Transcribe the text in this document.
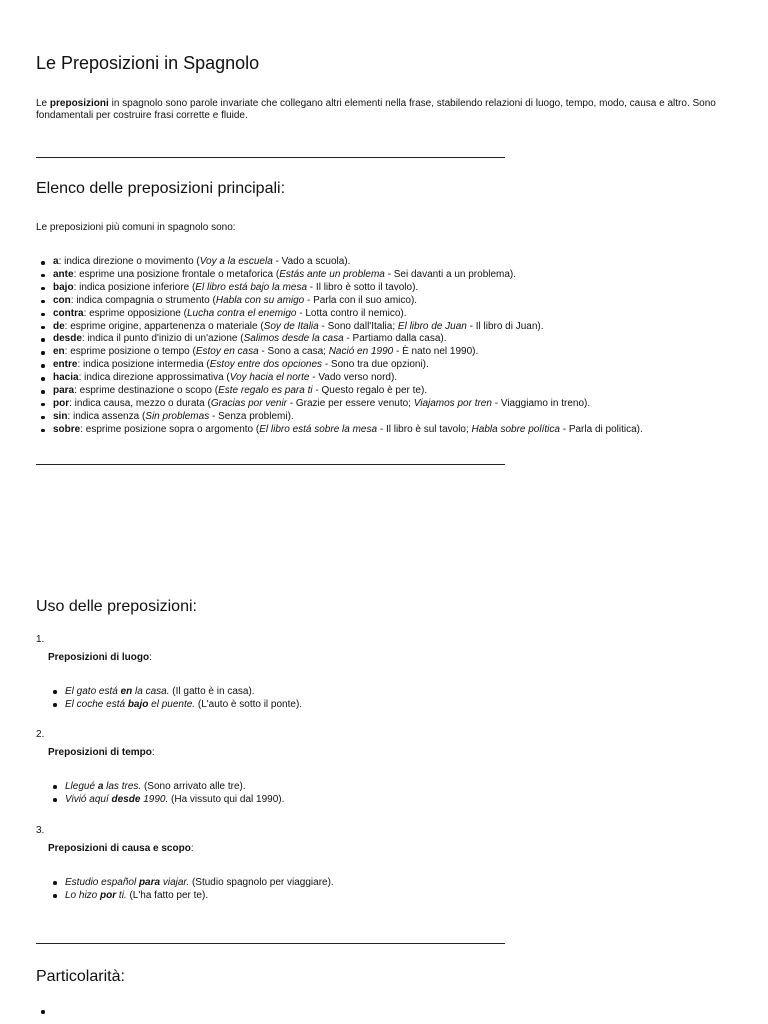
Le Preposizioni in Spagnolo

Le preposizioni in spagnolo sono parole invariate che collegano altri elementi nella frase, stabilendo relazioni di luogo, tempo, modo, causa e altro. Sono fondamentali per costruire frasi corrette e fluide.

Elenco delle preposizioni principali:

Le preposizioni più comuni in spagnolo sono:

a: indica direzione o movimento (Voy a la escuela - Vado a scuola).
ante: esprime una posizione frontale o metaforica (Estás ante un problema - Sei davanti a un problema).
bajo: indica posizione inferiore (El libro está bajo la mesa - Il libro è sotto il tavolo).
con: indica compagnia o strumento (Habla con su amigo - Parla con il suo amico).
contra: esprime opposizione (Lucha contra el enemigo - Lotta contro il nemico).
de: esprime origine, appartenenza o materiale (Soy de Italia - Sono dall'Italia; El libro de Juan - Il libro di Juan).
desde: indica il punto d'inizio di un'azione (Salimos desde la casa - Partiamo dalla casa).
en: esprime posizione o tempo (Estoy en casa - Sono a casa; Nació en 1990 - È nato nel 1990).
entre: indica posizione intermedia (Estoy entre dos opciones - Sono tra due opzioni).
hacia: indica direzione approssimativa (Voy hacia el norte - Vado verso nord).
para: esprime destinazione o scopo (Este regalo es para ti - Questo regalo è per te).
por: indica causa, mezzo o durata (Gracias por venir - Grazie per essere venuto; Viajamos por tren - Viaggiamo in treno).
sin: indica assenza (Sin problemas - Senza problemi).
sobre: esprime posizione sopra o argomento (El libro está sobre la mesa - Il libro è sul tavolo; Habla sobre política - Parla di politica).
Uso delle preposizioni:
1.
Preposizioni di luogo:
El gato está en la casa. (Il gatto è in casa).
El coche está bajo el puente. (L'auto è sotto il ponte).
2.
Preposizioni di tempo:
Llegué a las tres. (Sono arrivato alle tre).
Vivió aquí desde 1990. (Ha vissuto qui dal 1990).
3.
Preposizioni di causa e scopo:
Estudio español para viajar. (Studio spagnolo per viaggiare).
Lo hizo por ti. (L'ha fatto per te).
Particolarità:
